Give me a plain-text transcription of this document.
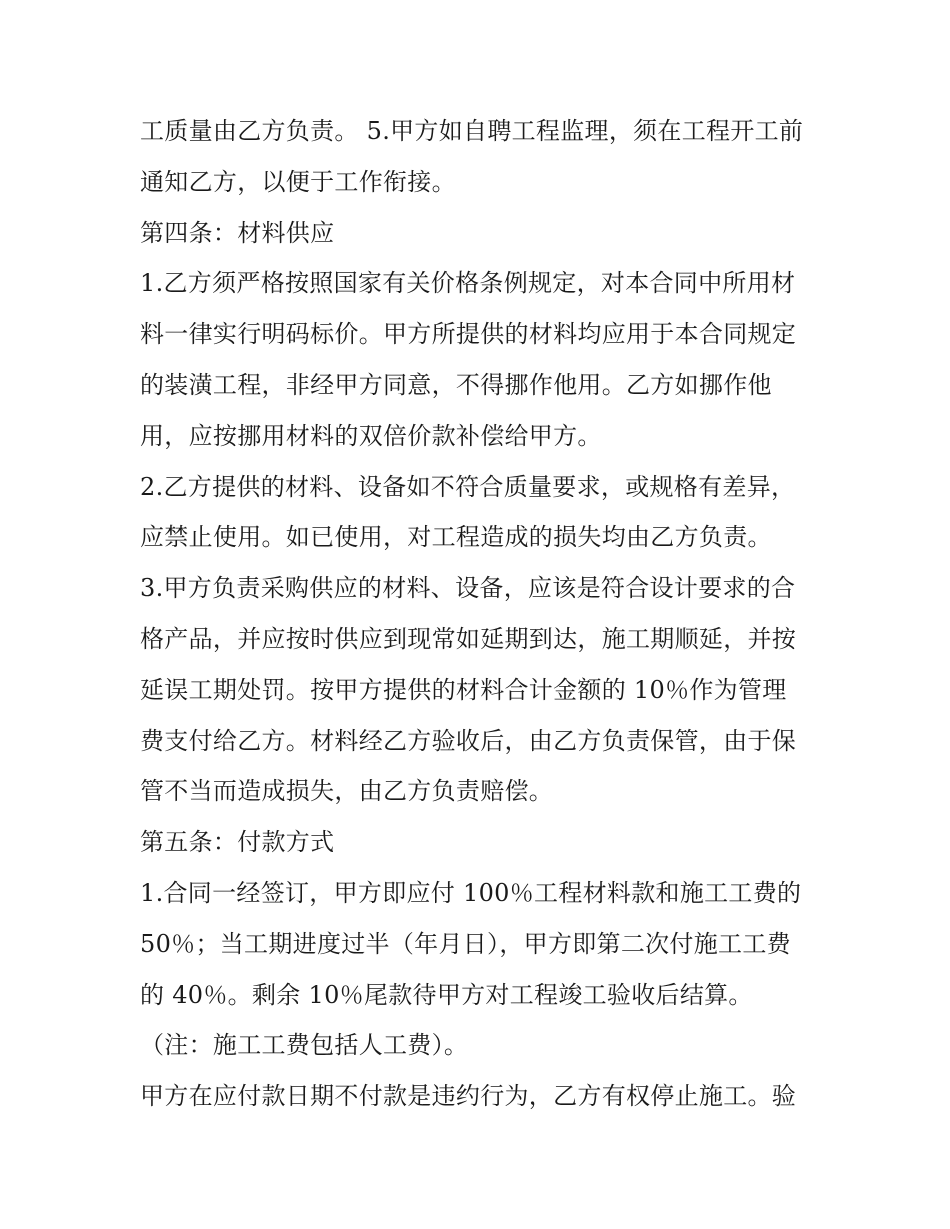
工质量由乙方负责。 5.甲方如自聘工程监理，须在工程开工前
通知乙方，以便于工作衔接。
第四条：材料供应
1.乙方须严格按照国家有关价格条例规定，对本合同中所用材
料一律实行明码标价。甲方所提供的材料均应用于本合同规定
的装潢工程，非经甲方同意，不得挪作他用。乙方如挪作他
用，应按挪用材料的双倍价款补偿给甲方。
2.乙方提供的材料、设备如不符合质量要求，或规格有差异，
应禁止使用。如已使用，对工程造成的损失均由乙方负责。
3.甲方负责采购供应的材料、设备，应该是符合设计要求的合
格产品，并应按时供应到现常如延期到达，施工期顺延，并按
延误工期处罚。按甲方提供的材料合计金额的 10％作为管理
费支付给乙方。材料经乙方验收后，由乙方负责保管，由于保
管不当而造成损失，由乙方负责赔偿。
第五条：付款方式
1.合同一经签订，甲方即应付 100％工程材料款和施工工费的
50％；当工期进度过半（年月日），甲方即第二次付施工工费
的 40％。剩余 10％尾款待甲方对工程竣工验收后结算。
（注：施工工费包括人工费）。
甲方在应付款日期不付款是违约行为，乙方有权停止施工。验
